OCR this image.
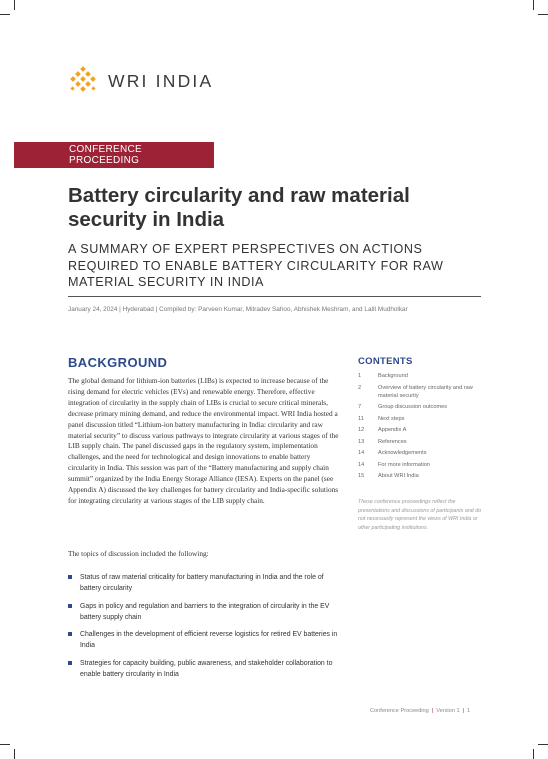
WRI INDIA
CONFERENCE PROCEEDING
Battery circularity and raw material security in India
A SUMMARY OF EXPERT PERSPECTIVES ON ACTIONS REQUIRED TO ENABLE BATTERY CIRCULARITY FOR RAW MATERIAL SECURITY IN INDIA
January 24, 2024 | Hyderabad | Compiled by: Parveen Kumar, Mitradev Sahoo, Abhishek Meshram, and Lalit Mudholkar
BACKGROUND

The global demand for lithium-ion batteries (LIBs) is expected to increase because of the rising demand for electric vehicles (EVs) and renewable energy. Therefore, effective integration of circularity in the supply chain of LIBs is crucial to secure critical minerals, decrease primary mining demand, and reduce the environmental impact. WRI India hosted a panel discussion titled “Lithium-ion battery manufacturing in India: circularity and raw material security” to discuss various pathways to integrate circularity at various stages of the LIB supply chain. The panel discussed gaps in the regulatory system, implementation challenges, and the need for technological and design innovations to enable battery circularity in India. This session was part of the “Battery manufacturing and supply chain summit” organized by the India Energy Storage Alliance (IESA). Experts on the panel (see Appendix A) discussed the key challenges for battery circularity and India-specific solutions for integrating circularity at various stages of the LIB supply chain.

The topics of discussion included the following:

Status of raw material criticality for battery manufacturing in India and the role of battery circularity
Gaps in policy and regulation and barriers to the integration of circularity in the EV battery supply chain
Challenges in the development of efficient reverse logistics for retired EV batteries in India
Strategies for capacity building, public awareness, and stakeholder collaboration to enable battery circularity in India
CONTENTS
1	Background
2	Overview of battery circularity and raw material security
7	Group discussion outcomes
11	Next steps
12	Appendix A
13	References
14	Acknowledgements
14	For more information
15	About WRI India

These conference proceedings reflect the presentations and discussions of participants and do not necessarily represent the views of WRI India or other participating institutions.

Conference Proceeding | Version 1 | 1
